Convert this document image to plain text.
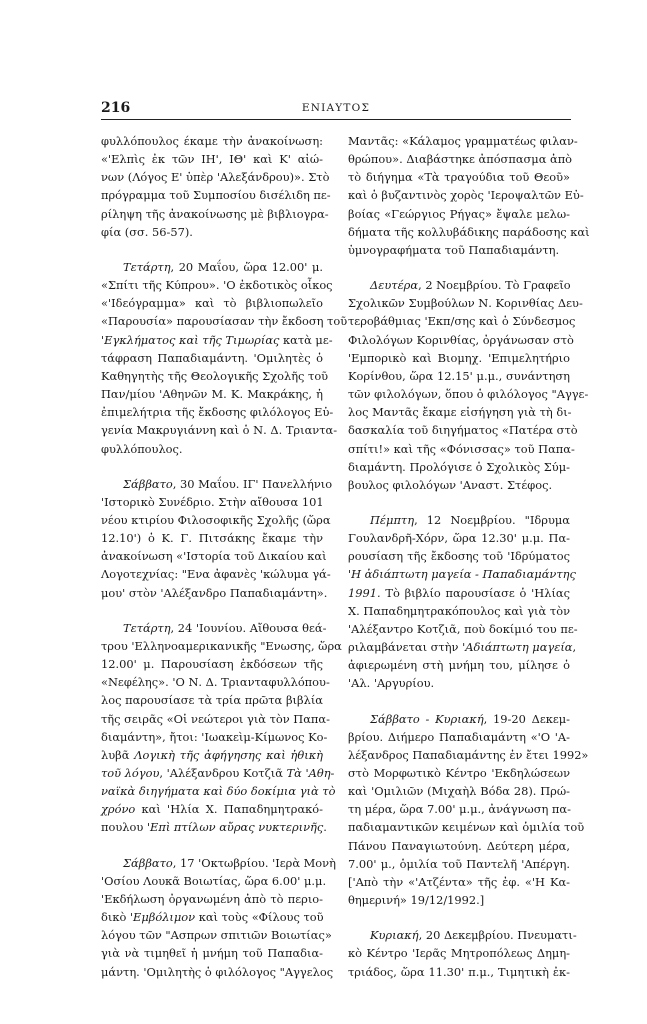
216	ΕΝΙΑΥΤΟΣ
φυλλόπουλος έκαμε τὴν ἀνακοίνωση:
«'Ελπὶς ἐκ τῶν ΙΗ', ΙΘ' καὶ Κ' αἰώ-
νων (Λόγος Ε' ὑπὲρ 'Αλεξάνδρου)». Στὸ
πρόγραμμα τοῦ Συμποσίου δισέλιδη πε-
ρίληψη τῆς ἀνακοίνωσης μὲ βιβλιογρα-
φία (σσ. 56-57).
Τετάρτη, 20 Μαΐου, ὥρα 12.00' μ.
«Σπίτι τῆς Κύπρου». 'Ο ἐκδοτικὸς οἶκος
«'Ιδεόγραμμα» καὶ τὸ βιβλιοπωλεῖο
«Παρουσία» παρουσίασαν τὴν ἔκδοση τοῦ
'Εγκλήματος καὶ τῆς Τιμωρίας κατὰ με-
τάφραση Παπαδιαμάντη. 'Ομιλητὲς ὁ
Καθηγητὴς τῆς Θεολογικῆς Σχολῆς τοῦ
Παν/μίου 'Αθηνῶν Μ. Κ. Μακράκης, ἡ
ἐπιμελήτρια τῆς ἔκδοσης φιλόλογος Εὐ-
γενία Μακρυγιάννη καὶ ὁ Ν. Δ. Τριαντα-
φυλλόπουλος.
Σάββατο, 30 Μαΐου. ΙΓ' Πανελλήνιο
'Ιστορικὸ Συνέδριο. Στὴν αἴθουσα 101
νέου κτιρίου Φιλοσοφικῆς Σχολῆς (ὥρα
12.10') ὁ Κ. Γ. Πιτσάκης ἔκαμε τὴν
ἀνακοίνωση «'Ιστορία τοῦ Δικαίου καὶ
Λογοτεχνίας: "Ενα ἀφανὲς 'κώλυμα γά-
μου' στὸν 'Αλέξανδρο Παπαδιαμάντη».
Τετάρτη, 24 'Ιουνίου. Αἴθουσα θεά-
τρου 'Ελληνοαμερικανικῆς "Ενωσης, ὥρα
12.00' μ. Παρουσίαση ἐκδόσεων τῆς
«Νεφέλης». 'Ο Ν. Δ. Τριανταφυλλόπου-
λος παρουσίασε τὰ τρία πρῶτα βιβλία
τῆς σειρᾶς «Οἱ νεώτεροι γιὰ τὸν Παπα-
διαμάντη», ἤτοι: 'Ιωακεὶμ-Κίμωνος Κο-
λυβᾶ Λογικὴ τῆς ἀφήγησης καὶ ἠθικὴ
τοῦ λόγου, 'Αλέξανδρου Κοτζιᾶ Τὰ 'Αθη-
ναϊκὰ διηγήματα καὶ δύο δοκίμια γιὰ τὸ
χρόνο καὶ 'Ηλία Χ. Παπαδημητρακό-
πουλου 'Επὶ πτίλων αὔρας νυκτερινῆς.
Σάββατο, 17 'Οκτωβρίου. 'Ιερὰ Μονὴ
'Οσίου Λουκᾶ Βοιωτίας, ὥρα 6.00' μ.μ.
'Εκδήλωση ὀργανωμένη ἀπὸ τὸ περιο-
δικὸ 'Εμβόλιμον καὶ τοὺς «Φίλους τοῦ
λόγου τῶν "Ασπρων σπιτιῶν Βοιωτίας»
γιὰ νὰ τιμηθεῖ ἡ μνήμη τοῦ Παπαδια-
μάντη. 'Ομιλητὴς ὁ φιλόλογος "Αγγελος
Μαντᾶς: «Κάλαμος γραμματέως φιλαν-
θρώπου». Διαβάστηκε ἀπόσπασμα ἀπὸ
τὸ διήγημα «Τὰ τραγούδια τοῦ Θεοῦ»
καὶ ὁ βυζαντινὸς χορὸς 'Ιεροψαλτῶν Εὐ-
βοίας «Γεώργιος Ρήγας» ἔψαλε μελω-
δήματα τῆς κολλυβάδικης παράδοσης καὶ
ὑμνογραφήματα τοῦ Παπαδιαμάντη.
Δευτέρα, 2 Νοεμβρίου. Τὸ Γραφεῖο
Σχολικῶν Συμβούλων Ν. Κορινθίας Δευ-
τεροβάθμιας 'Εκπ/σης καὶ ὁ Σύνδεσμος
Φιλολόγων Κορινθίας, ὀργάνωσαν στὸ
'Εμπορικὸ καὶ Βιομηχ. 'Επιμελητήριο
Κορίνθου, ὥρα 12.15' μ.μ., συνάντηση
τῶν φιλολόγων, ὅπου ὁ φιλόλογος "Αγγε-
λος Μαντᾶς ἔκαμε εἰσήγηση γιὰ τὴ δι-
δασκαλία τοῦ διηγήματος «Πατέρα στὸ
σπίτι!» καὶ τῆς «Φόνισσας» τοῦ Παπα-
διαμάντη. Προλόγισε ὁ Σχολικὸς Σύμ-
βουλος φιλολόγων 'Αναστ. Στέφος.
Πέμπτη, 12 Νοεμβρίου. "Ιδρυμα
Γουλανδρῆ-Χόρν, ὥρα 12.30' μ.μ. Πα-
ρουσίαση τῆς ἔκδοσης τοῦ 'Ιδρύματος
'Η ἀδιάπτωτη μαγεία - Παπαδιαμάντης
1991. Τὸ βιβλίο παρουσίασε ὁ 'Ηλίας
Χ. Παπαδημητρακόπουλος καὶ γιὰ τὸν
'Αλέξαντρο Κοτζιᾶ, ποὺ δοκίμιό του πε-
ριλαμβάνεται στὴν 'Αδιάπτωτη μαγεία,
ἀφιερωμένη στὴ μνήμη του, μίλησε ὁ
'Αλ. 'Αργυρίου.
Σάββατο - Κυριακή, 19-20 Δεκεμ-
βρίου. Διήμερο Παπαδιαμάντη «'Ο 'Α-
λέξανδρος Παπαδιαμάντης ἐν ἔτει 1992»
στὸ Μορφωτικὸ Κέντρο 'Εκδηλώσεων
καὶ 'Ομιλιῶν (Μιχαὴλ Βόδα 28). Πρώ-
τη μέρα, ὥρα 7.00' μ.μ., ἀνάγνωση πα-
παδιαμαντικῶν κειμένων καὶ ὁμιλία τοῦ
Πάνου Παναγιωτούνη. Δεύτερη μέρα,
7.00' μ., ὁμιλία τοῦ Παντελῆ 'Απέργη.
['Απὸ τὴν «'Ατζέντα» τῆς ἐφ. «'Η Κα-
θημερινή» 19/12/1992.]
Κυριακή, 20 Δεκεμβρίου. Πνευματι-
κὸ Κέντρο 'Ιερᾶς Μητροπόλεως Δημη-
τριάδος, ὥρα 11.30' π.μ., Τιμητικὴ ἐκ-
